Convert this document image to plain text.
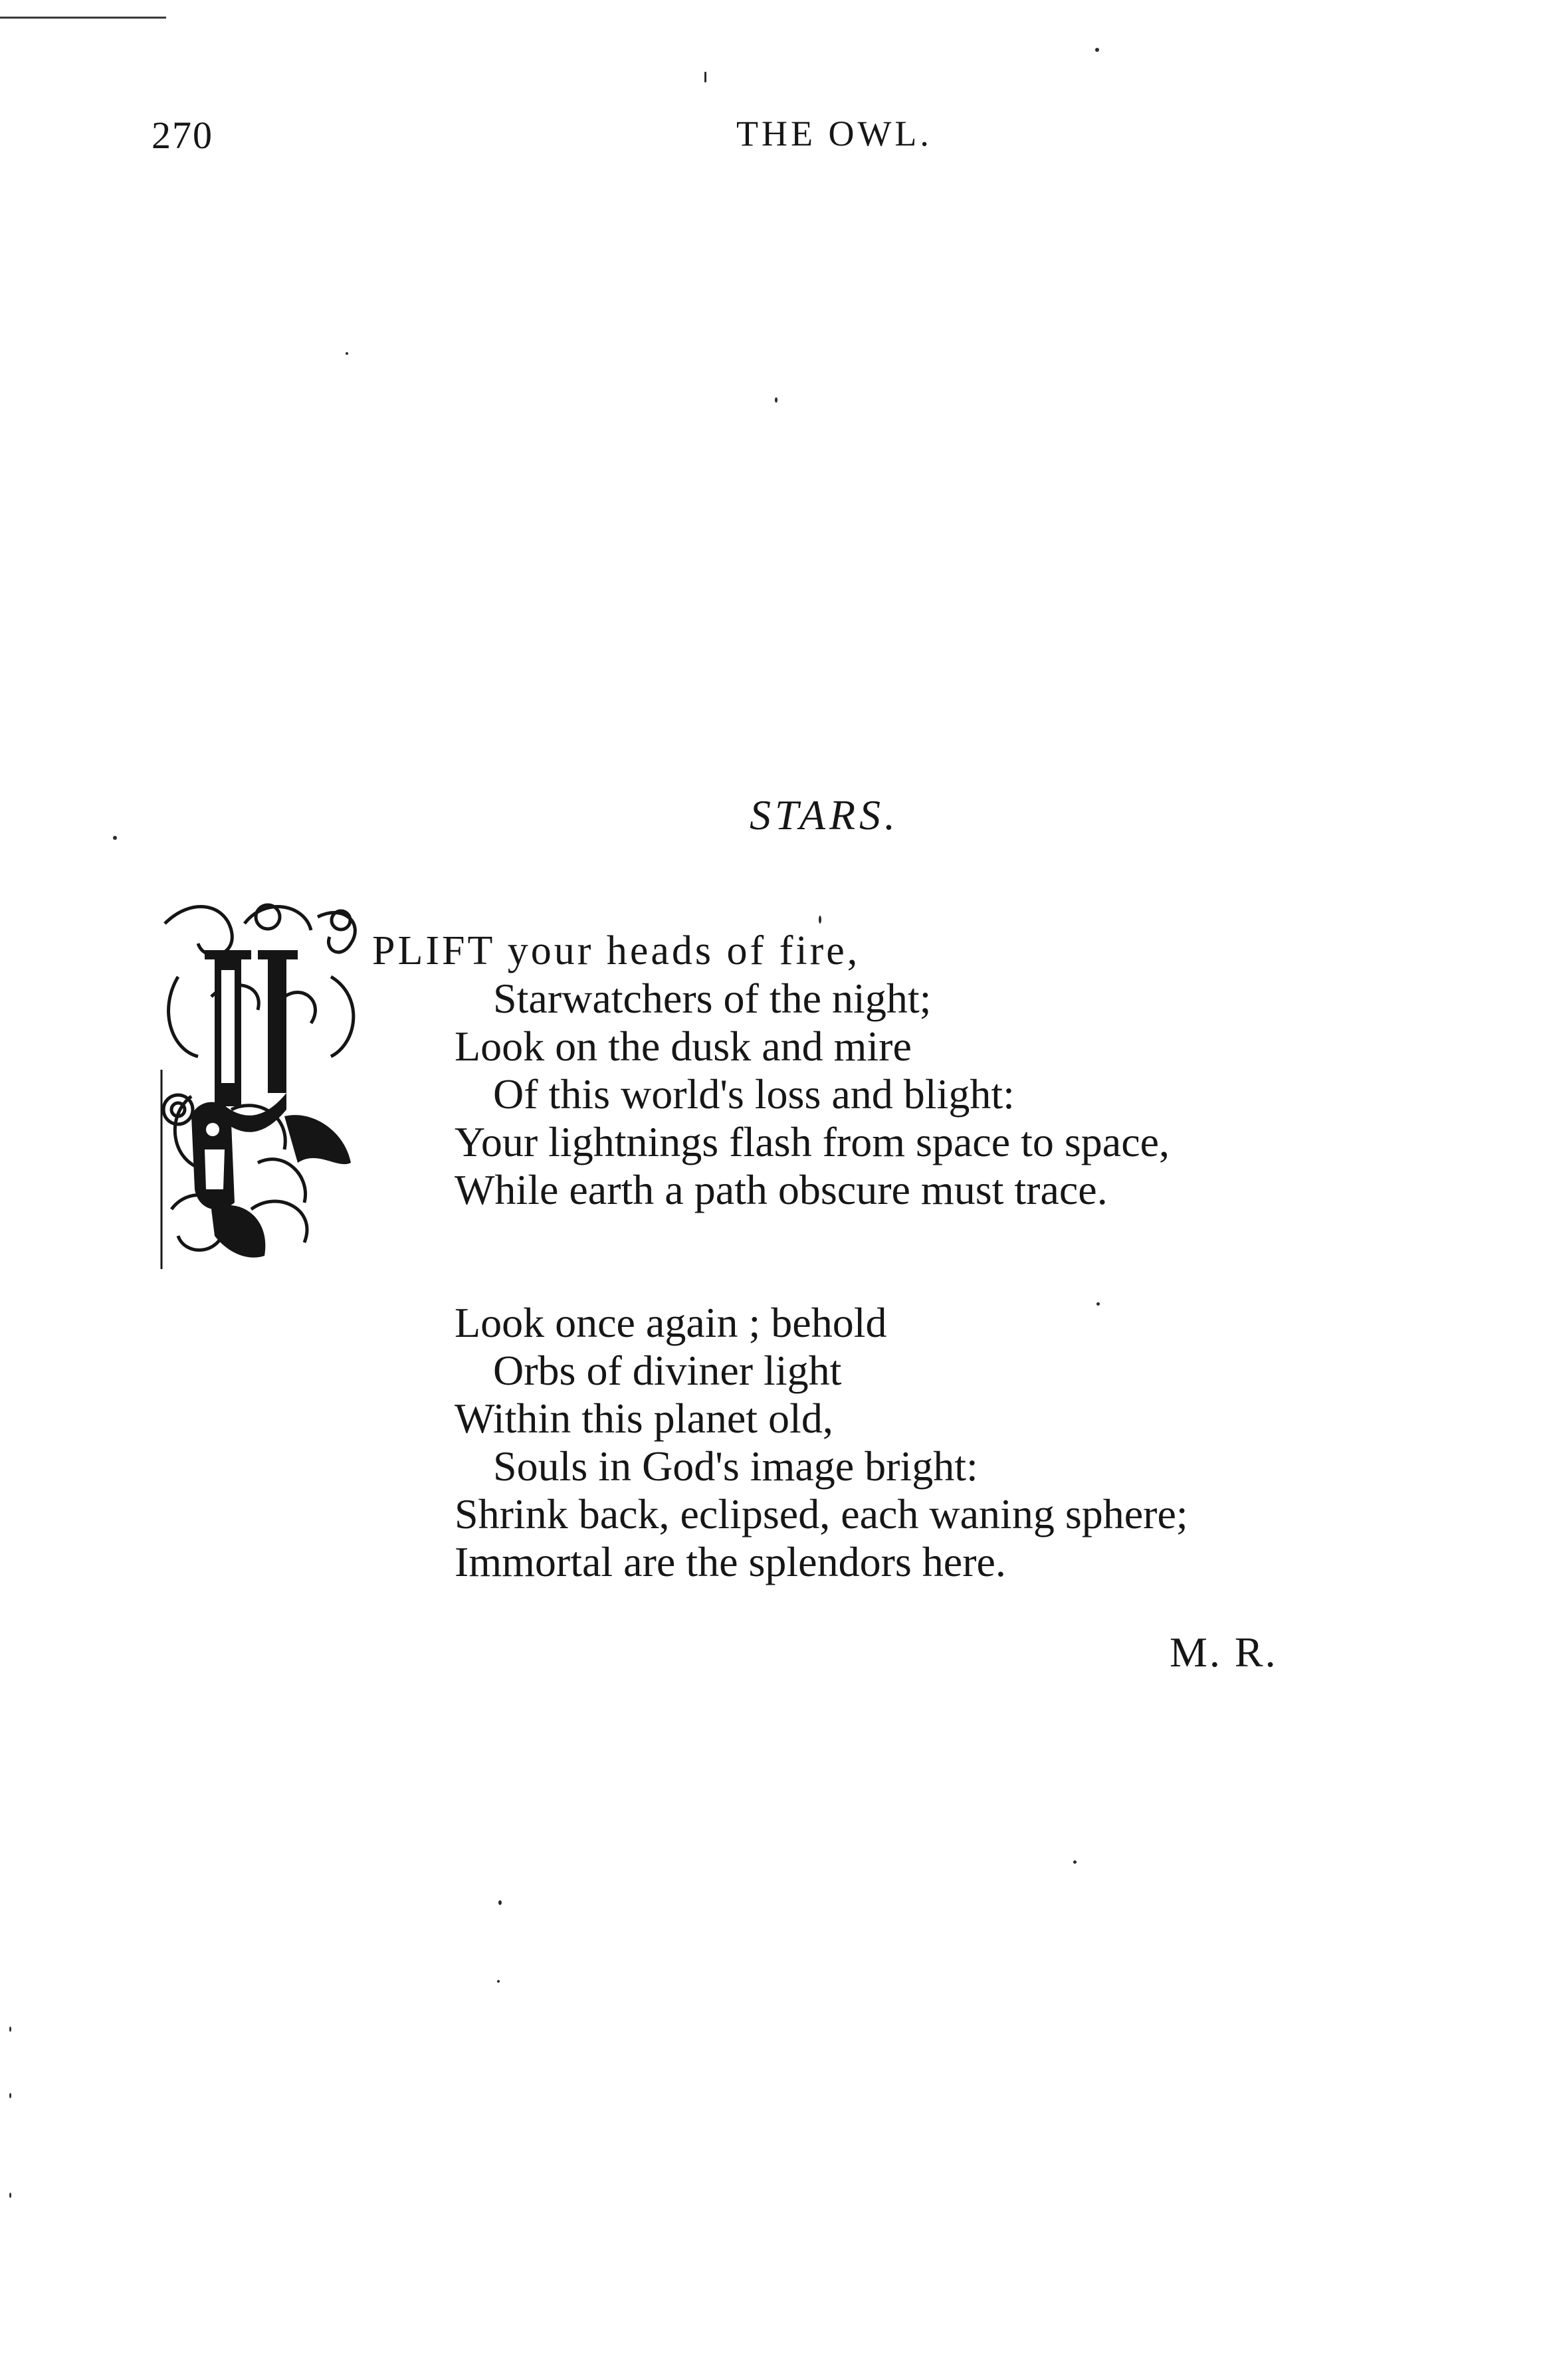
270	THE OWL.
STARS.
PLIFT your heads of fire,
Starwatchers of the night;
Look on the dusk and mire
Of this world's loss and blight:
Your lightnings flash from space to space,
While earth a path obscure must trace.
Look once again ; behold
Orbs of diviner light
Within this planet old,
Souls in God's image bright:
Shrink back, eclipsed, each waning sphere;
Immortal are the splendors here.
M. R.
